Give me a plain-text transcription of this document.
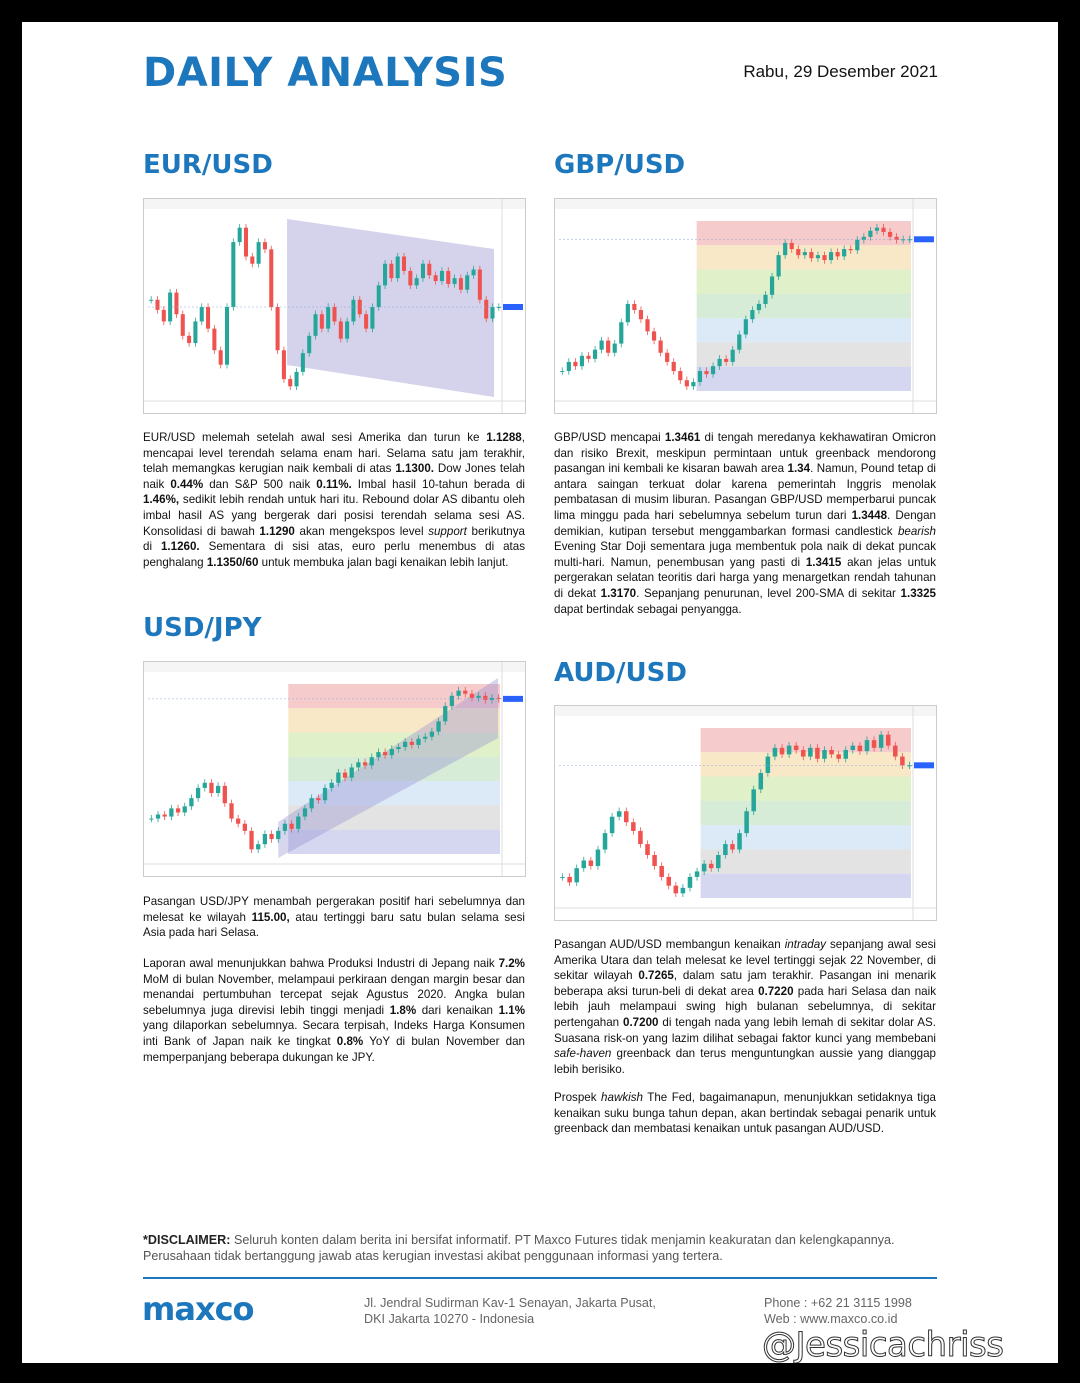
DAILY ANALYSIS	Rabu, 29 Desember 2021
EUR/USD
EUR/USD melemah setelah awal sesi Amerika dan turun ke 1.1288, mencapai level terendah selama enam hari. Selama satu jam terakhir, telah memangkas kerugian naik kembali di atas 1.1300. Dow Jones telah naik 0.44% dan S&P 500 naik 0.11%. Imbal hasil 10-tahun berada di 1.46%, sedikit lebih rendah untuk hari itu. Rebound dolar AS dibantu oleh imbal hasil AS yang bergerak dari posisi terendah selama sesi AS. Konsolidasi di bawah 1.1290 akan mengekspos level support berikutnya di 1.1260. Sementara di sisi atas, euro perlu menembus di atas penghalang 1.1350/60 untuk membuka jalan bagi kenaikan lebih lanjut.
GBP/USD
GBP/USD mencapai 1.3461 di tengah meredanya kekhawatiran Omicron dan risiko Brexit, meskipun permintaan untuk greenback mendorong pasangan ini kembali ke kisaran bawah area 1.34. Namun, Pound tetap di antara saingan terkuat dolar karena pemerintah Inggris menolak pembatasan di musim liburan. Pasangan GBP/USD memperbarui puncak lima minggu pada hari sebelumnya sebelum turun dari 1.3448. Dengan demikian, kutipan tersebut menggambarkan formasi candlestick bearish Evening Star Doji sementara juga membentuk pola naik di dekat puncak multi-hari. Namun, penembusan yang pasti di 1.3415 akan jelas untuk pergerakan selatan teoritis dari harga yang menargetkan rendah tahunan di dekat 1.3170. Sepanjang penurunan, level 200-SMA di sekitar 1.3325 dapat bertindak sebagai penyangga.
USD/JPY
Pasangan USD/JPY menambah pergerakan positif hari sebelumnya dan melesat ke wilayah 115.00, atau tertinggi baru satu bulan selama sesi Asia pada hari Selasa.
Laporan awal menunjukkan bahwa Produksi Industri di Jepang naik 7.2% MoM di bulan November, melampaui perkiraan dengan margin besar dan menandai pertumbuhan tercepat sejak Agustus 2020. Angka bulan sebelumnya juga direvisi lebih tinggi menjadi 1.8% dari kenaikan 1.1% yang dilaporkan sebelumnya. Secara terpisah, Indeks Harga Konsumen inti Bank of Japan naik ke tingkat 0.8% YoY di bulan November dan memperpanjang beberapa dukungan ke JPY.
AUD/USD
Pasangan AUD/USD membangun kenaikan intraday sepanjang awal sesi Amerika Utara dan telah melesat ke level tertinggi sejak 22 November, di sekitar wilayah 0.7265, dalam satu jam terakhir. Pasangan ini menarik beberapa aksi turun-beli di dekat area 0.7220 pada hari Selasa dan naik lebih jauh melampaui swing high bulanan sebelumnya, di sekitar pertengahan 0.7200 di tengah nada yang lebih lemah di sekitar dolar AS. Suasana risk-on yang lazim dilihat sebagai faktor kunci yang membebani safe-haven greenback dan terus menguntungkan aussie yang dianggap lebih berisiko.
Prospek hawkish The Fed, bagaimanapun, menunjukkan setidaknya tiga kenaikan suku bunga tahun depan, akan bertindak sebagai penarik untuk greenback dan membatasi kenaikan untuk pasangan AUD/USD.
*DISCLAIMER: Seluruh konten dalam berita ini bersifat informatif. PT Maxco Futures tidak menjamin keakuratan dan kelengkapannya. Perusahaan tidak bertanggung jawab atas kerugian investasi akibat penggunaan informasi yang tertera.
maxco	Jl. Jendral Sudirman Kav-1 Senayan, Jakarta Pusat,
DKI Jakarta 10270 - Indonesia
Phone : +62 21 3115 1998
Web : www.maxco.co.id
@Jessicachriss
